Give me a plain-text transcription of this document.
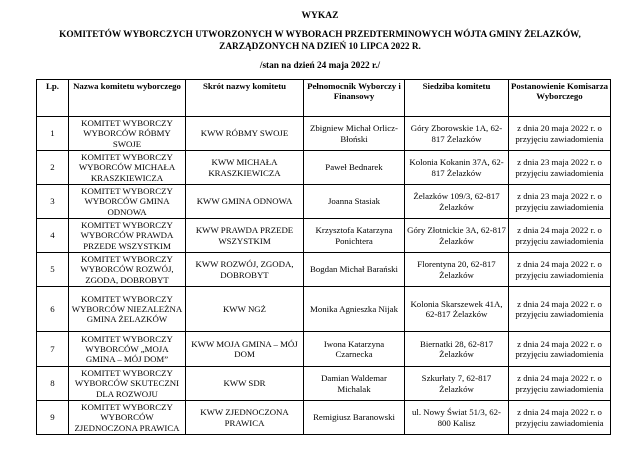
WYKAZ
KOMITETÓW WYBORCZYCH UTWORZONYCH W WYBORACH PRZEDTERMINOWYCH WÓJTA GMINY ŻELAZKÓW,
ZARZĄDZONYCH NA DZIEŃ 10 LIPCA 2022 R.
/stan na dzień 24 maja 2022 r./
Lp.	Nazwa komitetu wyborczego	Skrót nazwy komitetu	Pełnomocnik Wyborczy i Finansowy	Siedziba komitetu	Postanowienie Komisarza Wyborczego
1	KOMITET WYBORCZY WYBORCÓW RÓBMY SWOJE	KWW RÓBMY SWOJE	Zbigniew Michał Orlicz-Błoński	Góry Zborowskie 1A, 62-817 Żelazków	z dnia 20 maja 2022 r. o przyjęciu zawiadomienia
2	KOMITET WYBORCZY WYBORCÓW MICHAŁA KRASZKIEWICZA	KWW MICHAŁA KRASZKIEWICZA	Paweł Bednarek	Kolonia Kokanin 37A, 62-817 Żelazków	z dnia 23 maja 2022 r. o przyjęciu zawiadomienia
3	KOMITET WYBORCZY WYBORCÓW GMINA ODNOWA	KWW GMINA ODNOWA	Joanna Stasiak	Żelazków 109/3, 62-817 Żelazków	z dnia 23 maja 2022 r. o przyjęciu zawiadomienia
4	KOMITET WYBORCZY WYBORCÓW PRAWDA PRZEDE WSZYSTKIM	KWW PRAWDA PRZEDE WSZYSTKIM	Krzysztofa Katarzyna Ponichtera	Góry Złotnickie 3A, 62-817 Żelazków	z dnia 24 maja 2022 r. o przyjęciu zawiadomienia
5	KOMITET WYBORCZY WYBORCÓW ROZWÓJ, ZGODA, DOBROBYT	KWW ROZWÓJ, ZGODA, DOBROBYT	Bogdan Michał Barański	Florentyna 20, 62-817 Żelazków	z dnia 24 maja 2022 r. o przyjęciu zawiadomienia
6	KOMITET WYBORCZY WYBORCÓW NIEZALEŻNA GMINA ŻELAZKÓW	KWW NGŻ	Monika Agnieszka Nijak	Kolonia Skarszewek 41A, 62-817 Żelazków	z dnia 24 maja 2022 r. o przyjęciu zawiadomienia
7	KOMITET WYBORCZY WYBORCÓW „MOJA GMINA – MÓJ DOM”	KWW MOJA GMINA – MÓJ DOM	Iwona Katarzyna Czarnecka	Biernatki 28, 62-817 Żelazków	z dnia 24 maja 2022 r. o przyjęciu zawiadomienia
8	KOMITET WYBORCZY WYBORCÓW SKUTECZNI DLA ROZWOJU	KWW SDR	Damian Waldemar Michalak	Szkurłaty 7, 62-817 Żelazków	z dnia 24 maja 2022 r. o przyjęciu zawiadomienia
9	KOMITET WYBORCZY WYBORCÓW ZJEDNOCZONA PRAWICA	KWW ZJEDNOCZONA PRAWICA	Remigiusz Baranowski	ul. Nowy Świat 51/3, 62-800 Kalisz	z dnia 24 maja 2022 r. o przyjęciu zawiadomienia
